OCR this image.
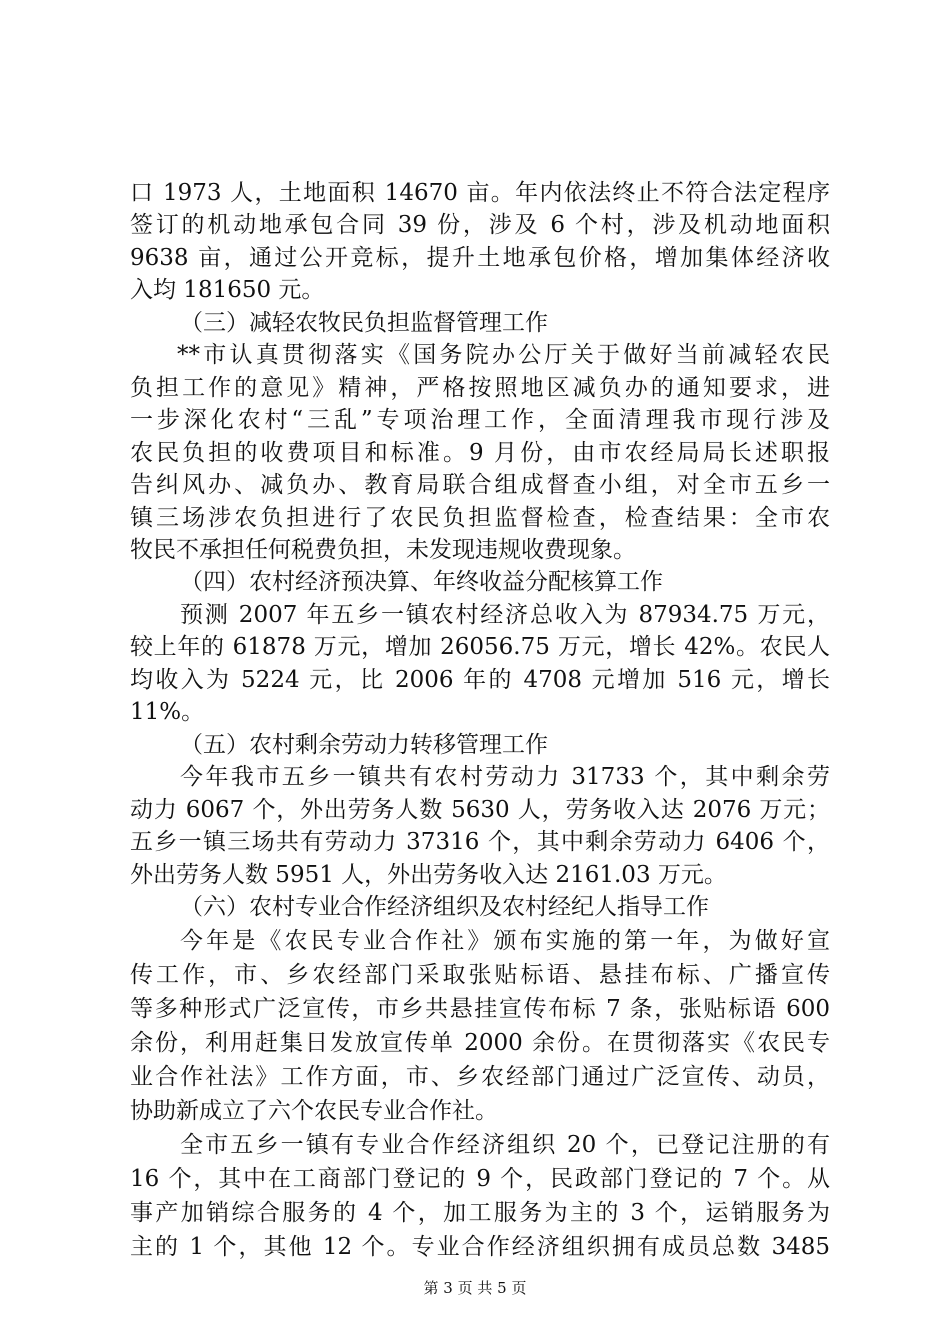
口 1973 人，土地面积 14670 亩。年内依法终止不符合法定程序
签订的机动地承包合同 39 份，涉及 6 个村，涉及机动地面积
9638 亩，通过公开竞标，提升土地承包价格，增加集体经济收
入均 181650 元。
（三）减轻农牧民负担监督管理工作
**市认真贯彻落实《国务院办公厅关于做好当前减轻农民
负担工作的意见》精神，严格按照地区减负办的通知要求，进
一步深化农村“三乱”专项治理工作，全面清理我市现行涉及
农民负担的收费项目和标准。9 月份，由市农经局局长述职报
告纠风办、减负办、教育局联合组成督查小组，对全市五乡一
镇三场涉农负担进行了农民负担监督检查，检查结果：全市农
牧民不承担任何税费负担，未发现违规收费现象。
（四）农村经济预决算、年终收益分配核算工作
预测 2007 年五乡一镇农村经济总收入为 87934.75 万元，
较上年的 61878 万元，增加 26056.75 万元，增长 42%。农民人
均收入为 5224 元，比 2006 年的 4708 元增加 516 元，增长
11%。
（五）农村剩余劳动力转移管理工作
今年我市五乡一镇共有农村劳动力 31733 个，其中剩余劳
动力 6067 个，外出劳务人数 5630 人，劳务收入达 2076 万元；
五乡一镇三场共有劳动力 37316 个，其中剩余劳动力 6406 个，
外出劳务人数 5951 人，外出劳务收入达 2161.03 万元。
（六）农村专业合作经济组织及农村经纪人指导工作
今年是《农民专业合作社》颁布实施的第一年，为做好宣
传工作，市、乡农经部门采取张贴标语、悬挂布标、广播宣传
等多种形式广泛宣传，市乡共悬挂宣传布标 7 条，张贴标语 600
余份，利用赶集日发放宣传单 2000 余份。在贯彻落实《农民专
业合作社法》工作方面，市、乡农经部门通过广泛宣传、动员，
协助新成立了六个农民专业合作社。
全市五乡一镇有专业合作经济组织 20 个，已登记注册的有
16 个，其中在工商部门登记的 9 个，民政部门登记的 7 个。从
事产加销综合服务的 4 个，加工服务为主的 3 个，运销服务为
主的 1 个，其他 12 个。专业合作经济组织拥有成员总数 3485
第 3 页 共 5 页
